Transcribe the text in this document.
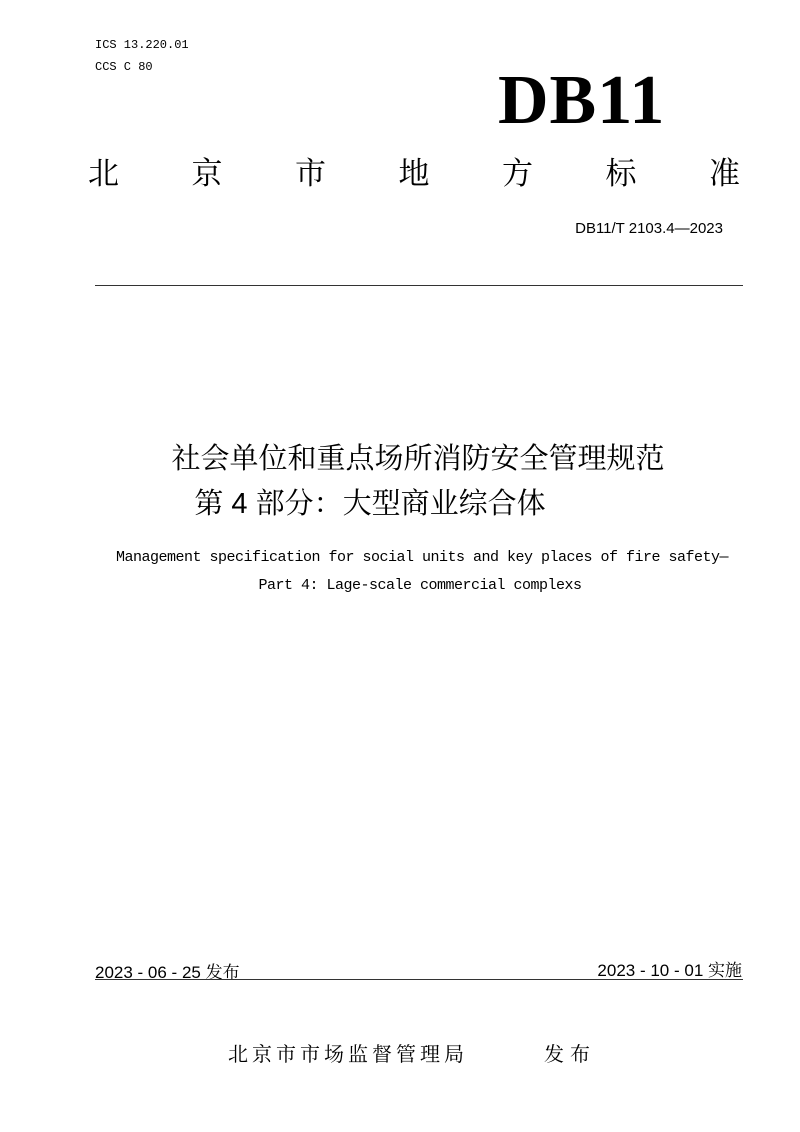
ICS 13.220.01
CCS C 80	DB11
北 京 市 地 方 标 准
DB11/T 2103.4—2023
社会单位和重点场所消防安全管理规范
第 4 部分：大型商业综合体
Management specification for social units and key places of fire safety—
Part 4: Lage-scale commercial complexs
2023 - 06 - 25 发布	2023 - 10 - 01 实施
北京市市场监督管理局	发布
